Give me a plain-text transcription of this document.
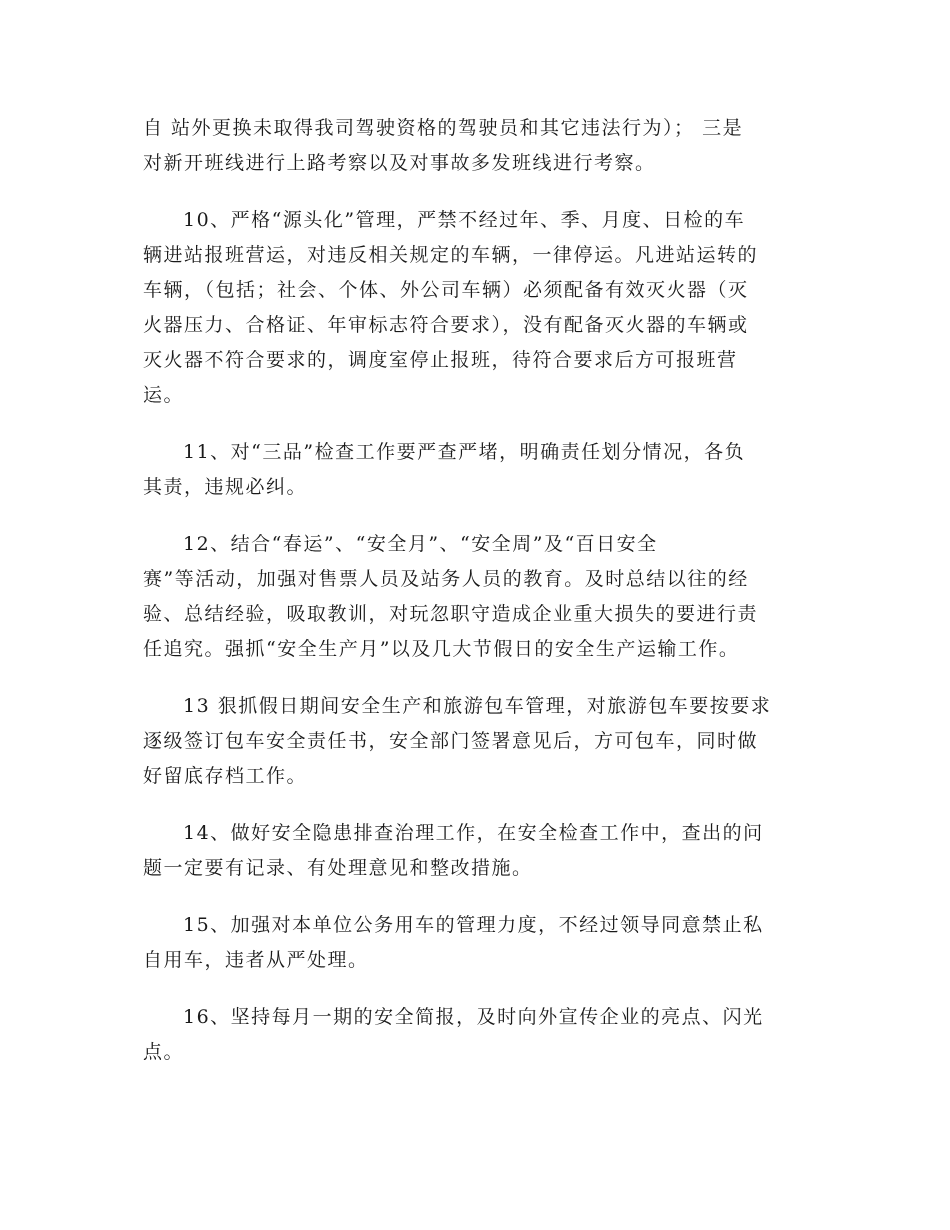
自 站外更换未取得我司驾驶资格的驾驶员和其它违法行为）； 三是
对新开班线进行上路考察以及对事故多发班线进行考察。

10、严格“源头化”管理，严禁不经过年、季、月度、日检的车
辆进站报班营运，对违反相关规定的车辆，一律停运。凡进站运转的
车辆，（包括；社会、个体、外公司车辆）必须配备有效灭火器（灭
火器压力、合格证、年审标志符合要求），没有配备灭火器的车辆或
灭火器不符合要求的，调度室停止报班，待符合要求后方可报班营
运。

11、对“三品”检查工作要严查严堵，明确责任划分情况，各负
其责，违规必纠。

12、结合“春运”、“安全月”、“安全周”及“百日安全
赛”等活动，加强对售票人员及站务人员的教育。及时总结以往的经
验、总结经验，吸取教训，对玩忽职守造成企业重大损失的要进行责
任追究。强抓“安全生产月”以及几大节假日的安全生产运输工作。

13 狠抓假日期间安全生产和旅游包车管理，对旅游包车要按要求
逐级签订包车安全责任书，安全部门签署意见后，方可包车，同时做
好留底存档工作。

14、做好安全隐患排查治理工作，在安全检查工作中，查出的问
题一定要有记录、有处理意见和整改措施。

15、加强对本单位公务用车的管理力度，不经过领导同意禁止私
自用车，违者从严处理。

16、坚持每月一期的安全简报，及时向外宣传企业的亮点、闪光
点。
